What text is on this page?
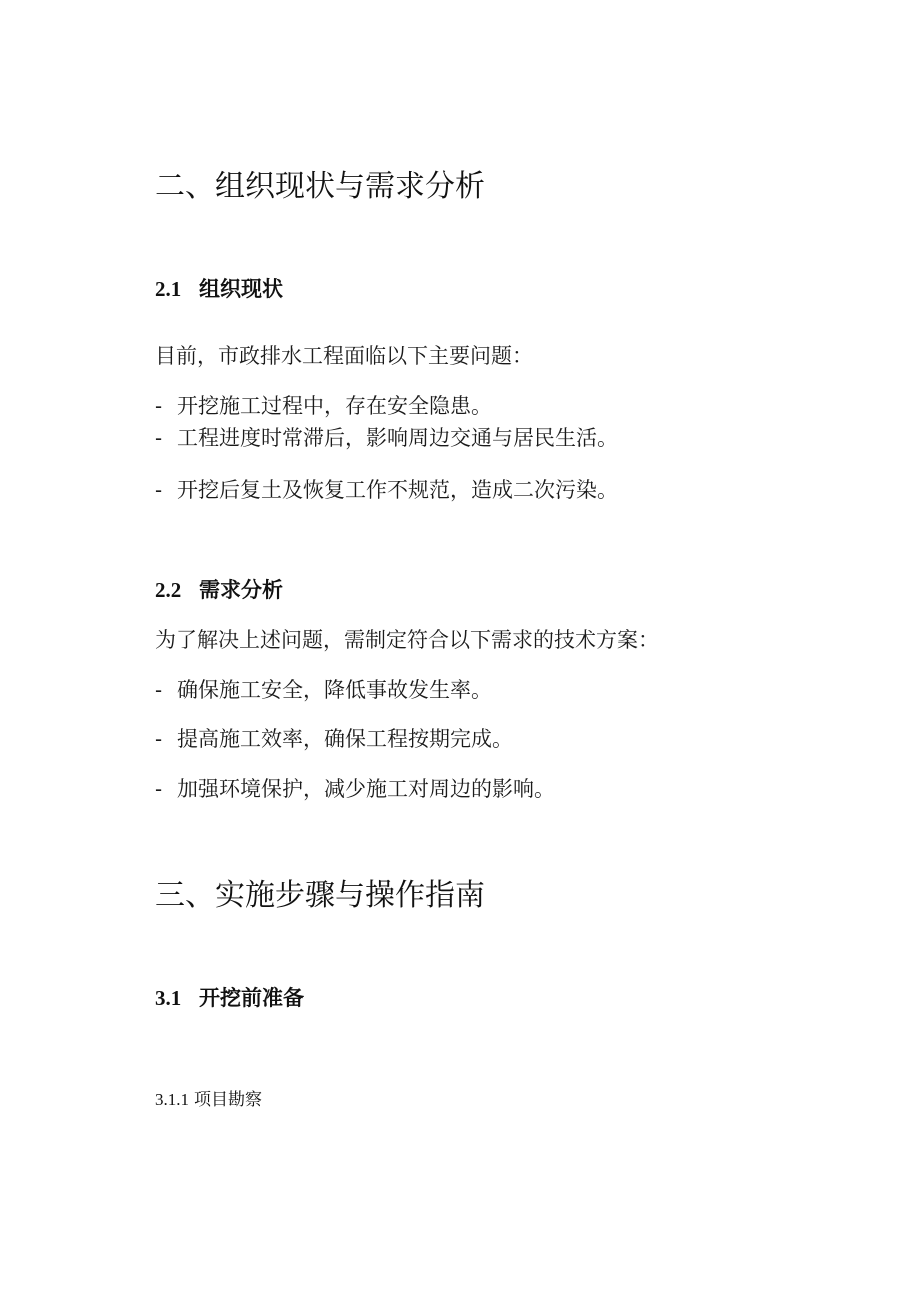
二、组织现状与需求分析
2.1 组织现状
目前，市政排水工程面临以下主要问题：
- 开挖施工过程中，存在安全隐患。
- 工程进度时常滞后，影响周边交通与居民生活。
- 开挖后复土及恢复工作不规范，造成二次污染。
2.2 需求分析
为了解决上述问题，需制定符合以下需求的技术方案：
- 确保施工安全，降低事故发生率。
- 提高施工效率，确保工程按期完成。
- 加强环境保护，减少施工对周边的影响。
三、实施步骤与操作指南
3.1 开挖前准备
3.1.1 项目勘察
